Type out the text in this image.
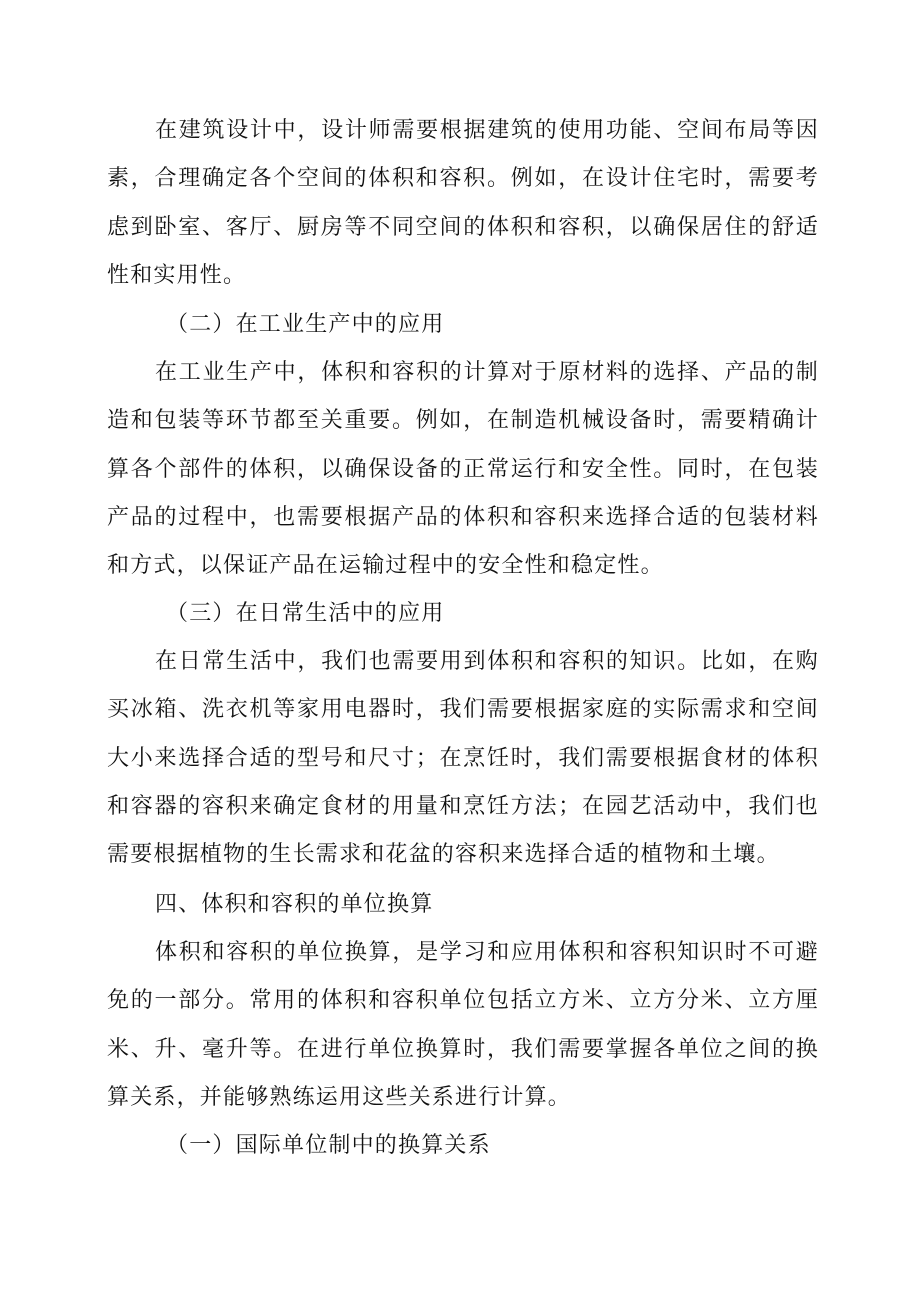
在建筑设计中，设计师需要根据建筑的使用功能、空间布局等因素，合理确定各个空间的体积和容积。例如，在设计住宅时，需要考虑到卧室、客厅、厨房等不同空间的体积和容积，以确保居住的舒适性和实用性。

（二）在工业生产中的应用

在工业生产中，体积和容积的计算对于原材料的选择、产品的制造和包装等环节都至关重要。例如，在制造机械设备时，需要精确计算各个部件的体积，以确保设备的正常运行和安全性。同时，在包装产品的过程中，也需要根据产品的体积和容积来选择合适的包装材料和方式，以保证产品在运输过程中的安全性和稳定性。

（三）在日常生活中的应用

在日常生活中，我们也需要用到体积和容积的知识。比如，在购买冰箱、洗衣机等家用电器时，我们需要根据家庭的实际需求和空间大小来选择合适的型号和尺寸；在烹饪时，我们需要根据食材的体积和容器的容积来确定食材的用量和烹饪方法；在园艺活动中，我们也需要根据植物的生长需求和花盆的容积来选择合适的植物和土壤。

四、体积和容积的单位换算

体积和容积的单位换算，是学习和应用体积和容积知识时不可避免的一部分。常用的体积和容积单位包括立方米、立方分米、立方厘米、升、毫升等。在进行单位换算时，我们需要掌握各单位之间的换算关系，并能够熟练运用这些关系进行计算。

（一）国际单位制中的换算关系
